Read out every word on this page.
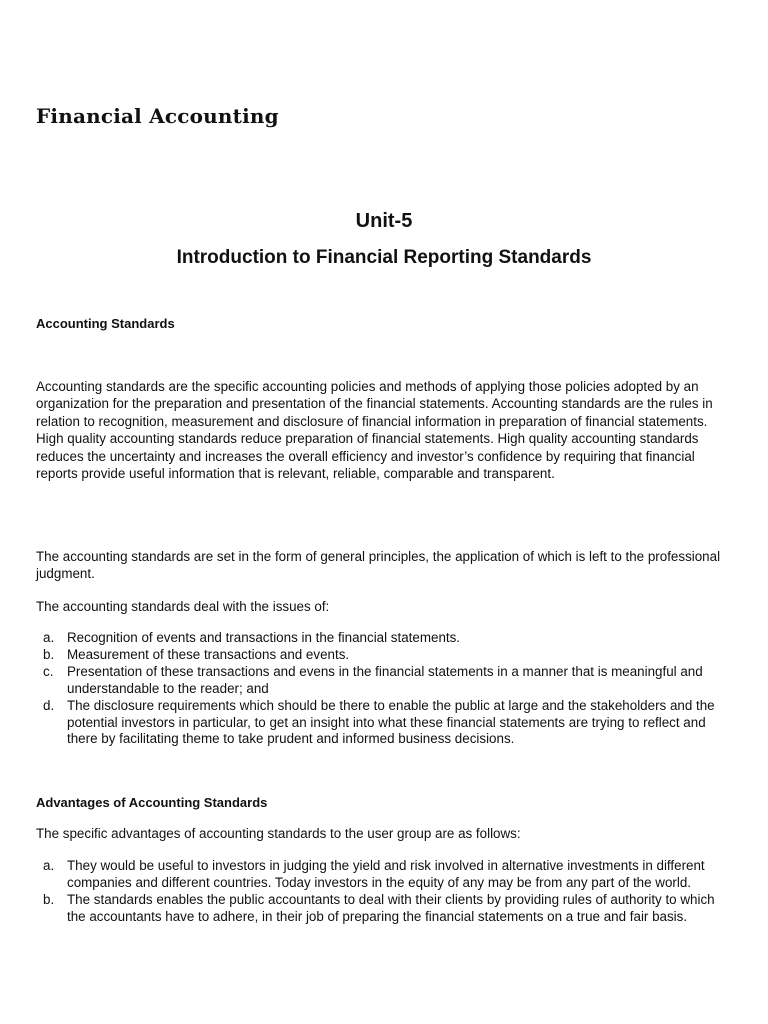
Financial Accounting
Unit-5
Introduction to Financial Reporting Standards
Accounting Standards

Accounting standards are the specific accounting policies and methods of applying those policies adopted by an organization for the preparation and presentation of the financial statements. Accounting standards are the rules in relation to recognition, measurement and disclosure of financial information in preparation of financial statements. High quality accounting standards reduce preparation of financial statements. High quality accounting standards reduces the uncertainty and increases the overall efficiency and investor’s confidence by requiring that financial reports provide useful information that is relevant, reliable, comparable and transparent.

The accounting standards are set in the form of general principles, the application of which is left to the professional judgment.

The accounting standards deal with the issues of:

a. Recognition of events and transactions in the financial statements.
b. Measurement of these transactions and events.
c.	Presentation of these transactions and evens in the financial statements in a manner that is meaningful and understandable to the reader; and
d. The disclosure requirements which should be there to enable the public at large and the stakeholders and the potential investors in particular, to get an insight into what these financial statements are trying to reflect and there by facilitating theme to take prudent and informed business decisions.
Advantages of Accounting Standards

The specific advantages of accounting standards to the user group are as follows:

a. They would be useful to investors in judging the yield and risk involved in alternative investments in different companies and different countries. Today investors in the equity of any may be from any part of the world.
b. The standards enables the public accountants to deal with their clients by providing rules of authority to which the accountants have to adhere, in their job of preparing the financial statements on a true and fair basis.
